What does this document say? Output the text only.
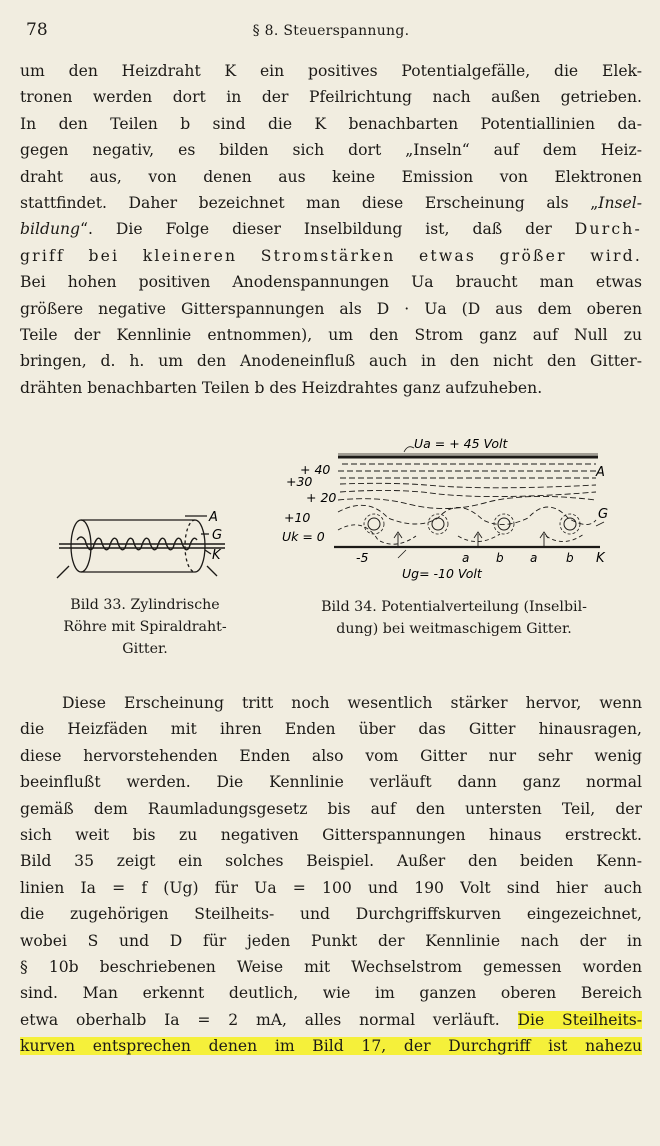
78	§ 8. Steuerspannung.
um den Heizdraht K ein positives Potentialgefälle, die Elek-
tronen werden dort in der Pfeilrichtung nach außen getrieben.
In den Teilen b sind die K benachbarten Potentiallinien da-
gegen negativ, es bilden sich dort „Inseln“ auf dem Heiz-
draht aus, von denen aus keine Emission von Elektronen
stattfindet. Daher bezeichnet man diese Erscheinung als „Insel-
bildung“. Die Folge dieser Inselbildung ist, daß der Durch-
griff bei kleineren Stromstärken etwas größer wird.
Bei hohen positiven Anodenspannungen Ua braucht man etwas
größere negative Gitterspannungen als D · Ua (D aus dem oberen
Teile der Kennlinie entnommen), um den Strom ganz auf Null zu
bringen, d. h. um den Anodeneinfluß auch in den nicht den Gitter-
drähten benachbarten Teilen b des Heizdrahtes ganz aufzuheben.
A
G
K
Bild 33. Zylindrische
Röhre mit Spiraldraht-
Gitter.
Ua = + 45 Volt
+ 40
+30
+ 20
+10
Uk = 0
-5
Ug= -10 Volt
A
G
K
a b a b
Bild 34. Potentialverteilung (Inselbil-
dung) bei weitmaschigem Gitter.
Diese Erscheinung tritt noch wesentlich stärker hervor, wenn
die Heizfäden mit ihren Enden über das Gitter hinausragen,
diese hervorstehenden Enden also vom Gitter nur sehr wenig
beeinflußt werden. Die Kennlinie verläuft dann ganz normal
gemäß dem Raumladungsgesetz bis auf den untersten Teil, der
sich weit bis zu negativen Gitterspannungen hinaus erstreckt.
Bild 35 zeigt ein solches Beispiel. Außer den beiden Kenn-
linien Ia = f (Ug) für Ua = 100 und 190 Volt sind hier auch
die zugehörigen Steilheits- und Durchgriffskurven eingezeichnet,
wobei S und D für jeden Punkt der Kennlinie nach der in
§ 10b beschriebenen Weise mit Wechselstrom gemessen worden
sind. Man erkennt deutlich, wie im ganzen oberen Bereich
etwa oberhalb Ia = 2 mA, alles normal verläuft. Die Steilheits-
kurven entsprechen denen im Bild 17, der Durchgriff ist nahezu
